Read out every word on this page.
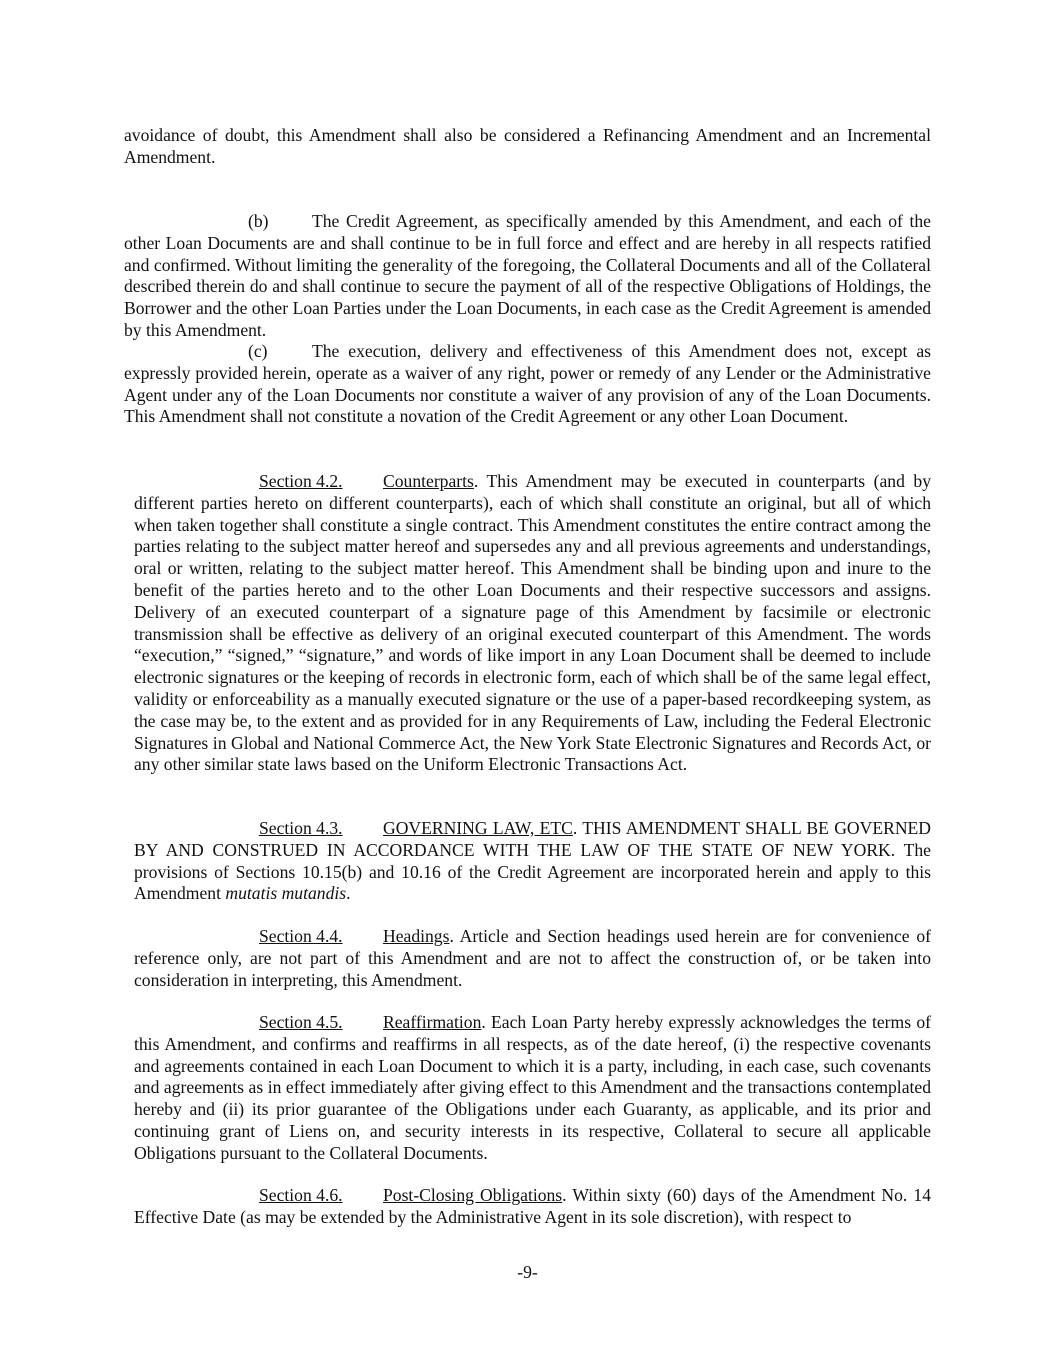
avoidance of doubt, this Amendment shall also be considered a Refinancing Amendment and an Incremental Amendment.

(b) The Credit Agreement, as specifically amended by this Amendment, and each of the other Loan Documents are and shall continue to be in full force and effect and are hereby in all respects ratified and confirmed. Without limiting the generality of the foregoing, the Collateral Documents and all of the Collateral described therein do and shall continue to secure the payment of all of the respective Obligations of Holdings, the Borrower and the other Loan Parties under the Loan Documents, in each case as the Credit Agreement is amended by this Amendment.

(c)	The execution, delivery and effectiveness of this Amendment does not, except as expressly provided herein, operate as a waiver of any right, power or remedy of any Lender or the Administrative Agent under any of the Loan Documents nor constitute a waiver of any provision of any of the Loan Documents. This Amendment shall not constitute a novation of the Credit Agreement or any other Loan Document.

Section 4.2. Counterparts. This Amendment may be executed in counterparts (and by different parties hereto on different counterparts), each of which shall constitute an original, but all of which when taken together shall constitute a single contract. This Amendment constitutes the entire contract among the parties relating to the subject matter hereof and supersedes any and all previous agreements and understandings, oral or written, relating to the subject matter hereof. This Amendment shall be binding upon and inure to the benefit of the parties hereto and to the other Loan Documents and their respective successors and assigns. Delivery of an executed counterpart of a signature page of this Amendment by facsimile or electronic transmission shall be effective as delivery of an original executed counterpart of this Amendment. The words “execution,” “signed,” “signature,” and words of like import in any Loan Document shall be deemed to include electronic signatures or the keeping of records in electronic form, each of which shall be of the same legal effect, validity or enforceability as a manually executed signature or the use of a paper-based recordkeeping system, as the case may be, to the extent and as provided for in any Requirements of Law, including the Federal Electronic Signatures in Global and National Commerce Act, the New York State Electronic Signatures and Records Act, or any other similar state laws based on the Uniform Electronic Transactions Act.

Section 4.3. GOVERNING LAW, ETC. THIS AMENDMENT SHALL BE GOVERNED BY AND CONSTRUED IN ACCORDANCE WITH THE LAW OF THE STATE OF NEW YORK. The provisions of Sections 10.15(b) and 10.16 of the Credit Agreement are incorporated herein and apply to this Amendment mutatis mutandis.

Section 4.4. Headings. Article and Section headings used herein are for convenience of reference only, are not part of this Amendment and are not to affect the construction of, or be taken into consideration in interpreting, this Amendment.

Section 4.5. Reaffirmation. Each Loan Party hereby expressly acknowledges the terms of this Amendment, and confirms and reaffirms in all respects, as of the date hereof, (i) the respective covenants and agreements contained in each Loan Document to which it is a party, including, in each case, such covenants and agreements as in effect immediately after giving effect to this Amendment and the transactions contemplated hereby and (ii) its prior guarantee of the Obligations under each Guaranty, as applicable, and its prior and continuing grant of Liens on, and security interests in its respective, Collateral to secure all applicable Obligations pursuant to the Collateral Documents.

Section 4.6. Post-Closing Obligations. Within sixty (60) days of the Amendment No. 14 Effective Date (as may be extended by the Administrative Agent in its sole discretion), with respect to

-9-
